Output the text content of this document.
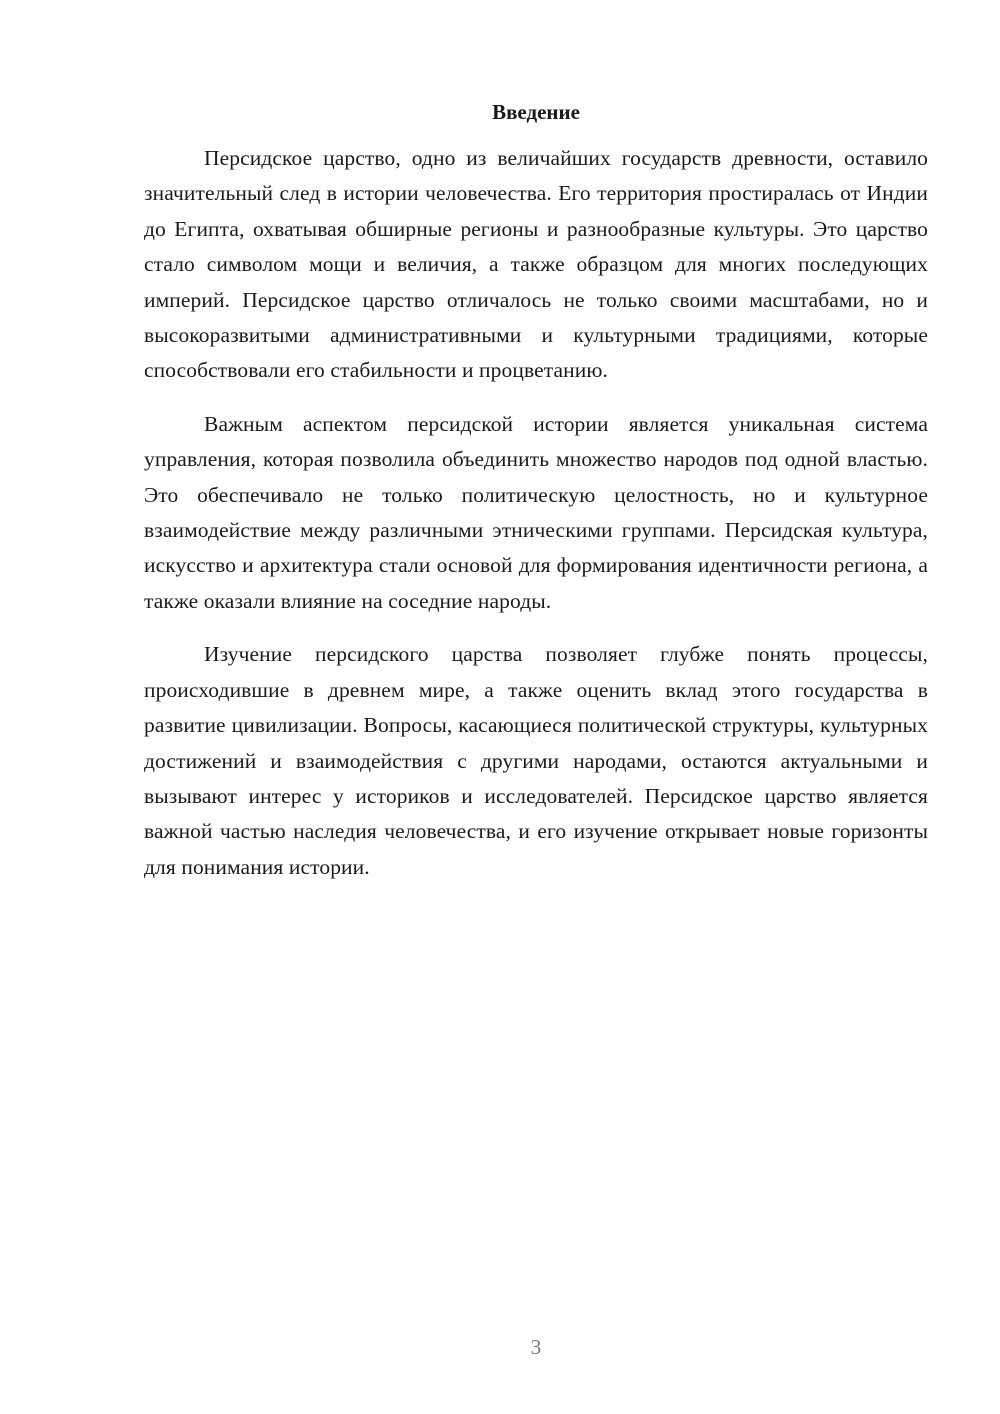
Введение

Персидское царство, одно из величайших государств древности, оставило значительный след в истории человечества. Его территория простиралась от Индии до Египта, охватывая обширные регионы и разнообразные культуры. Это царство стало символом мощи и величия, а также образцом для многих последующих империй. Персидское царство отличалось не только своими масштабами, но и высокоразвитыми административными и культурными традициями, которые способствовали его стабильности и процветанию.

Важным аспектом персидской истории является уникальная система управления, которая позволила объединить множество народов под одной властью. Это обеспечивало не только политическую целостность, но и культурное взаимодействие между различными этническими группами. Персидская культура, искусство и архитектура стали основой для формирования идентичности региона, а также оказали влияние на соседние народы.

Изучение персидского царства позволяет глубже понять процессы, происходившие в древнем мире, а также оценить вклад этого государства в развитие цивилизации. Вопросы, касающиеся политической структуры, культурных достижений и взаимодействия с другими народами, остаются актуальными и вызывают интерес у историков и исследователей. Персидское царство является важной частью наследия человечества, и его изучение открывает новые горизонты для понимания истории.

3
